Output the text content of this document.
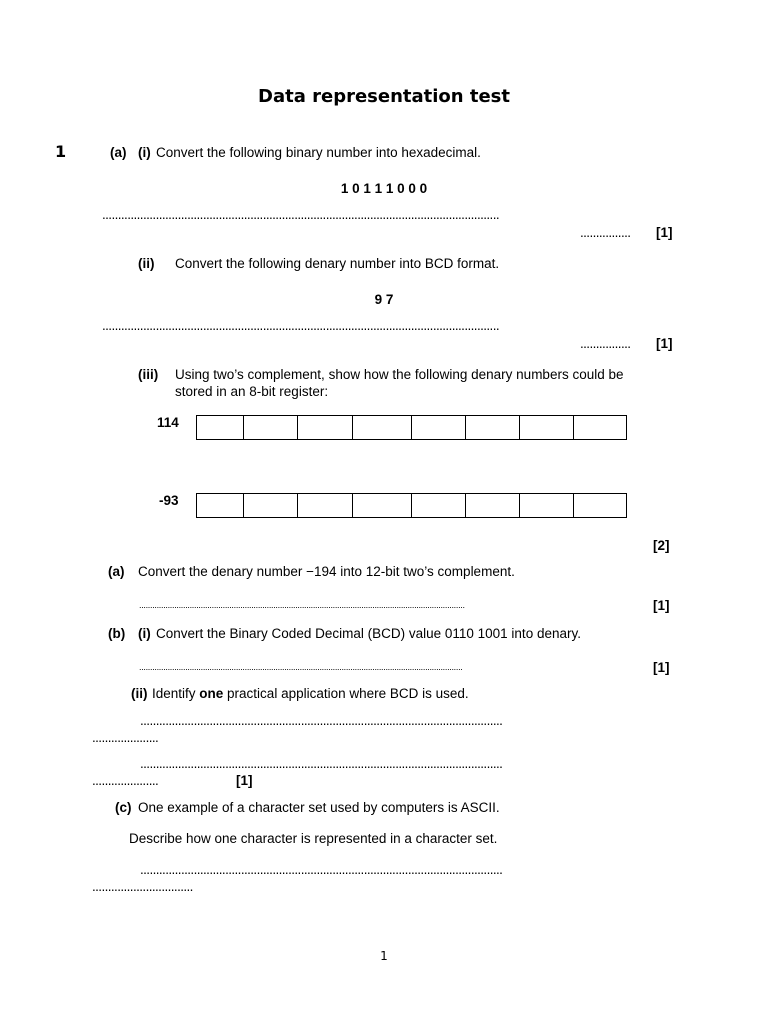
Data representation test
1	(a) (i) Convert the following binary number into hexadecimal.
1 0 1 1 1 0 0 0
..............................................................................................................................
................	[1]
(ii) Convert the following denary number into BCD format.
9 7
..............................................................................................................................
................	[1]
(iii) Using two’s complement, show how the following denary numbers could be
stored in an 8-bit register:
114
-93
[2]
(a) Convert the denary number −194 into 12-bit two’s complement.
....................................................................................................................................................	[1]
(b) (i) Convert the Binary Coded Decimal (BCD) value 0110 1001 into denary.
...................................................................................................................................................	[1]
(ii) Identify one practical application where BCD is used.
...................................................................................................................
.....................
...................................................................................................................
.....................	[1]
(c) One example of a character set used by computers is ASCII.
Describe how one character is represented in a character set.
...................................................................................................................
................................
1
